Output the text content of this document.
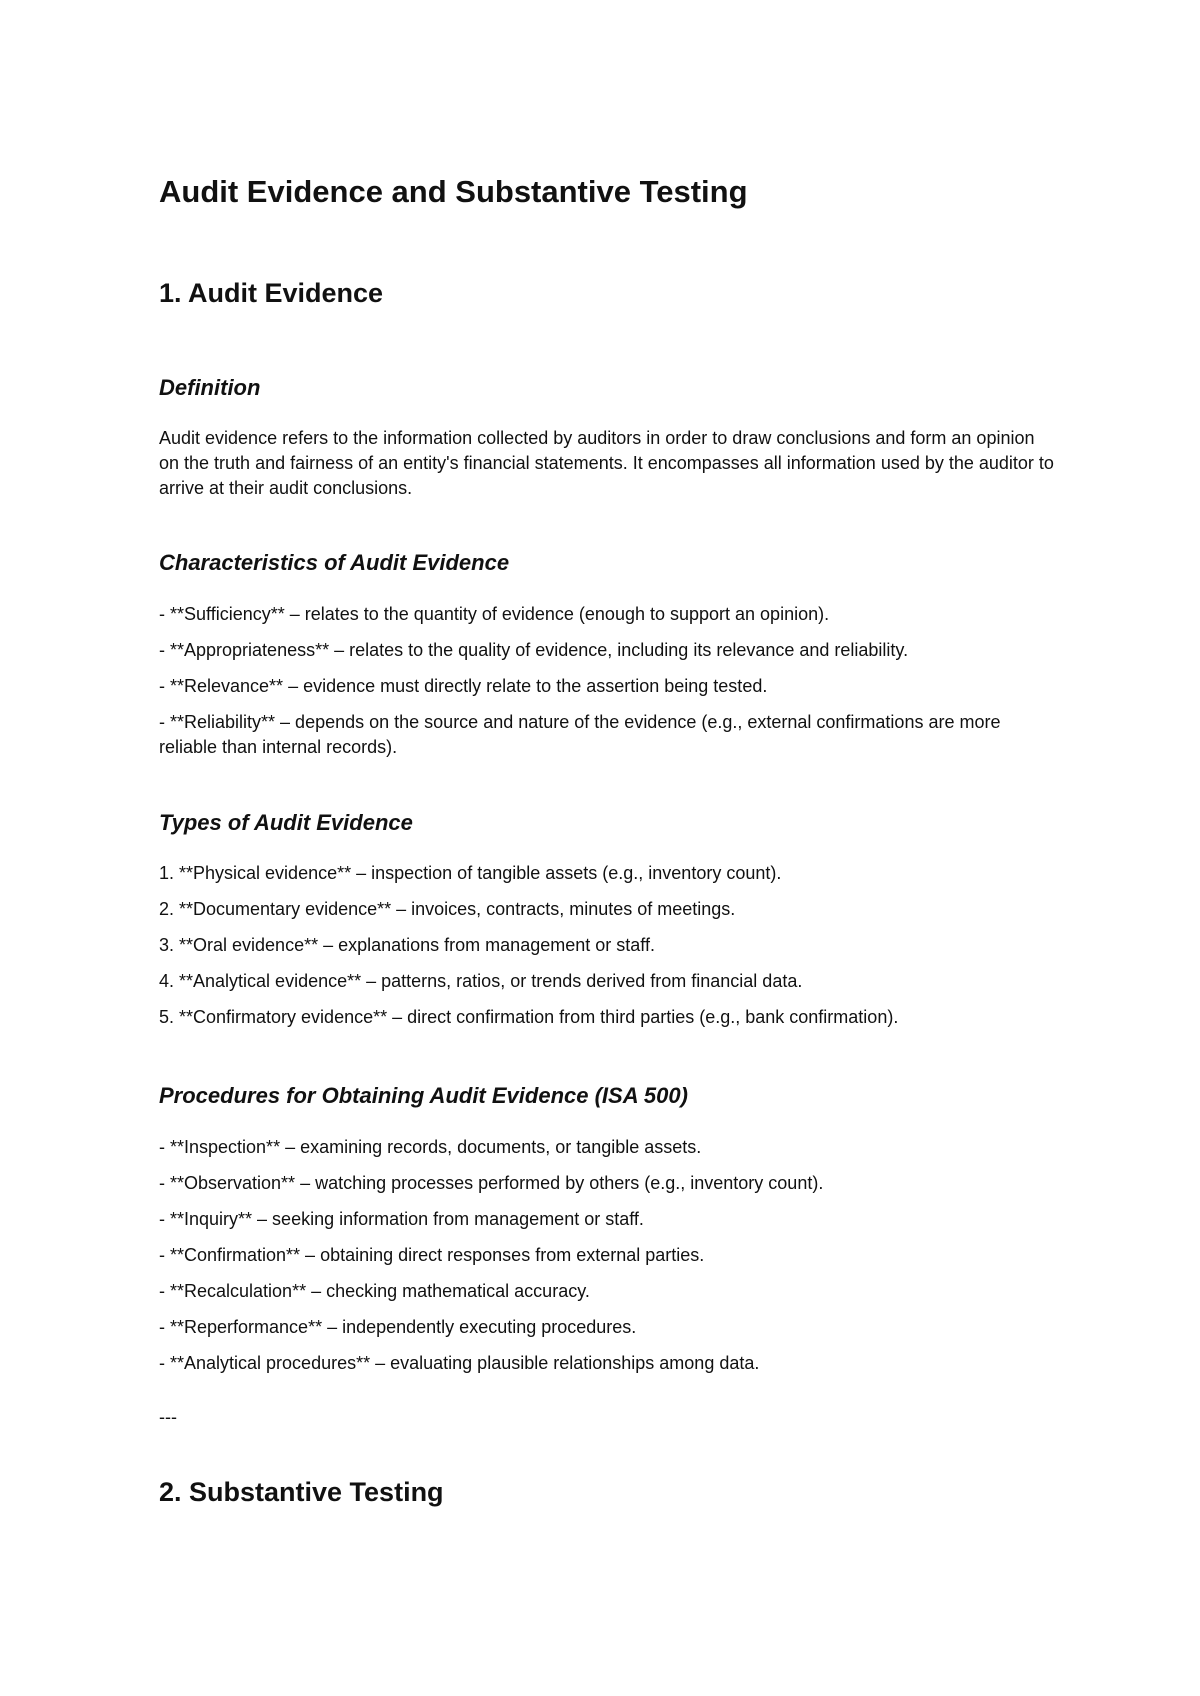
Audit Evidence and Substantive Testing
1. Audit Evidence
Definition

Audit evidence refers to the information collected by auditors in order to draw conclusions and form an opinion on the truth and fairness of an entity's financial statements. It encompasses all information used by the auditor to arrive at their audit conclusions.

Characteristics of Audit Evidence
- **Sufficiency** – relates to the quantity of evidence (enough to support an opinion).
- **Appropriateness** – relates to the quality of evidence, including its relevance and reliability.
- **Relevance** – evidence must directly relate to the assertion being tested.
- **Reliability** – depends on the source and nature of the evidence (e.g., external confirmations are more reliable than internal records).
Types of Audit Evidence
1. **Physical evidence** – inspection of tangible assets (e.g., inventory count).
2. **Documentary evidence** – invoices, contracts, minutes of meetings.
3. **Oral evidence** – explanations from management or staff.
4. **Analytical evidence** – patterns, ratios, or trends derived from financial data.
5. **Confirmatory evidence** – direct confirmation from third parties (e.g., bank confirmation).
Procedures for Obtaining Audit Evidence (ISA 500)
- **Inspection** – examining records, documents, or tangible assets.
- **Observation** – watching processes performed by others (e.g., inventory count).
- **Inquiry** – seeking information from management or staff.
- **Confirmation** – obtaining direct responses from external parties.
- **Recalculation** – checking mathematical accuracy.
- **Reperformance** – independently executing procedures.
- **Analytical procedures** – evaluating plausible relationships among data.

---

2. Substantive Testing
